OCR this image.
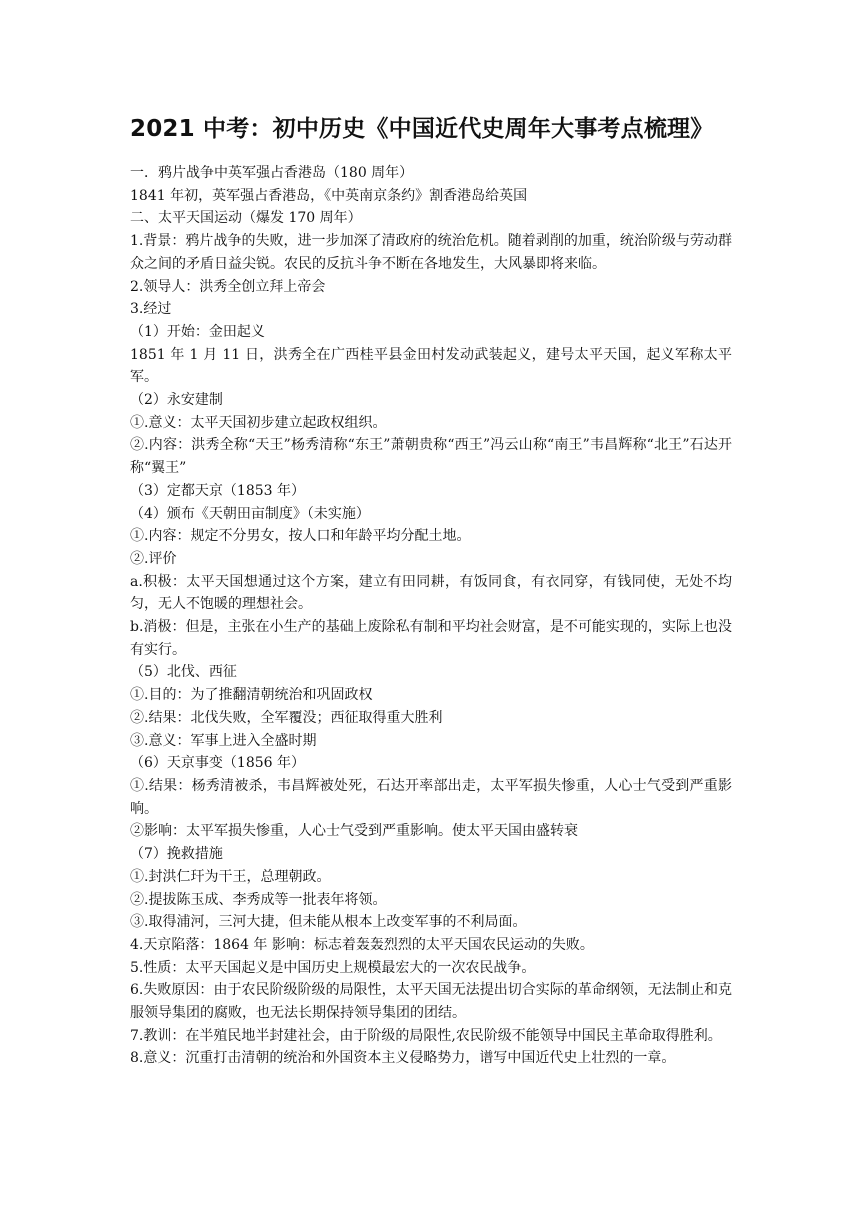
2021 中考：初中历史《中国近代史周年大事考点梳理》

一．鸦片战争中英军强占香港岛（180 周年）

1841 年初，英军强占香港岛，《中英南京条约》割香港岛给英国

二、太平天国运动（爆发 170 周年）

1.背景：鸦片战争的失败，进一步加深了清政府的统治危机。随着剥削的加重，统治阶级与劳动群众之间的矛盾日益尖锐。农民的反抗斗争不断在各地发生，大风暴即将来临。

2.领导人：洪秀全创立拜上帝会

3.经过

（1）开始：金田起义

1851 年 1 月 11 日，洪秀全在广西桂平县金田村发动武装起义，建号太平天国，起义军称太平军。

（2）永安建制

①.意义：太平天国初步建立起政权组织。

②.内容：洪秀全称“天王”杨秀清称“东王”萧朝贵称“西王”冯云山称“南王”韦昌辉称“北王”石达开称“翼王”

（3）定都天京（1853 年）

（4）颁布《天朝田亩制度》（未实施）

①.内容：规定不分男女，按人口和年龄平均分配土地。

②.评价

a.积极：太平天国想通过这个方案，建立有田同耕，有饭同食，有衣同穿，有钱同使，无处不均匀，无人不饱暖的理想社会。

b.消极：但是，主张在小生产的基础上废除私有制和平均社会财富，是不可能实现的，实际上也没有实行。

（5）北伐、西征

①.目的：为了推翻清朝统治和巩固政权

②.结果：北伐失败，全军覆没；西征取得重大胜利

③.意义：军事上进入全盛时期

（6）天京事变（1856 年）

①.结果：杨秀清被杀，韦昌辉被处死，石达开率部出走，太平军损失惨重，人心士气受到严重影响。

②影响：太平军损失惨重，人心士气受到严重影响。使太平天国由盛转衰

（7）挽救措施

①.封洪仁玕为干王，总理朝政。

②.提拔陈玉成、李秀成等一批表年将领。

③.取得浦河，三河大捷，但未能从根本上改变军事的不利局面。

4.天京陷落：1864 年 影响：标志着轰轰烈烈的太平天国农民运动的失败。

5.性质：太平天国起义是中国历史上规模最宏大的一次农民战争。

6.失败原因：由于农民阶级阶级的局限性，太平天国无法提出切合实际的革命纲领，无法制止和克服领导集团的腐败，也无法长期保持领导集团的团结。

7.教训：在半殖民地半封建社会，由于阶级的局限性,农民阶级不能领导中国民主革命取得胜利。

8.意义：沉重打击清朝的统治和外国资本主义侵略势力，谱写中国近代史上壮烈的一章。
